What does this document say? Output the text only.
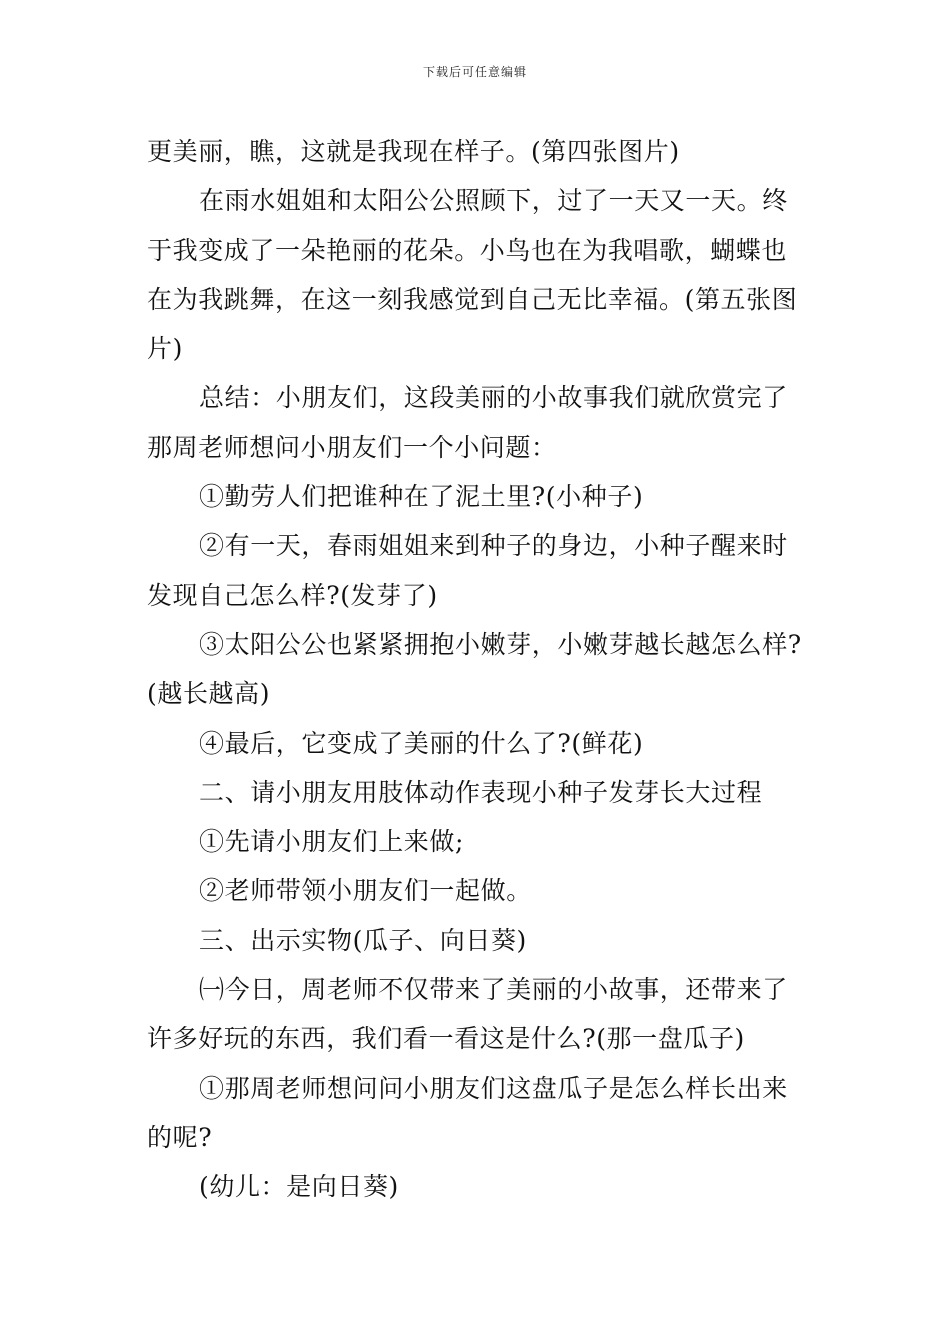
下载后可任意编辑

更美丽，瞧，这就是我现在样子。(第四张图片)

在雨水姐姐和太阳公公照顾下，过了一天又一天。终于我变成了一朵艳丽的花朵。小鸟也在为我唱歌，蝴蝶也在为我跳舞，在这一刻我感觉到自己无比幸福。(第五张图片)

总结：小朋友们，这段美丽的小故事我们就欣赏完了那周老师想问小朋友们一个小问题：

①勤劳人们把谁种在了泥土里?(小种子)

②有一天，春雨姐姐来到种子的身边，小种子醒来时发现自己怎么样?(发芽了)

③太阳公公也紧紧拥抱小嫩芽，小嫩芽越长越怎么样?(越长越高)

④最后，它变成了美丽的什么了?(鲜花)

二、请小朋友用肢体动作表现小种子发芽长大过程

①先请小朋友们上来做;

②老师带领小朋友们一起做。

三、出示实物(瓜子、向日葵)

㈠今日，周老师不仅带来了美丽的小故事，还带来了许多好玩的东西，我们看一看这是什么?(那一盘瓜子)

①那周老师想问问小朋友们这盘瓜子是怎么样长出来的呢?

(幼儿：是向日葵)
